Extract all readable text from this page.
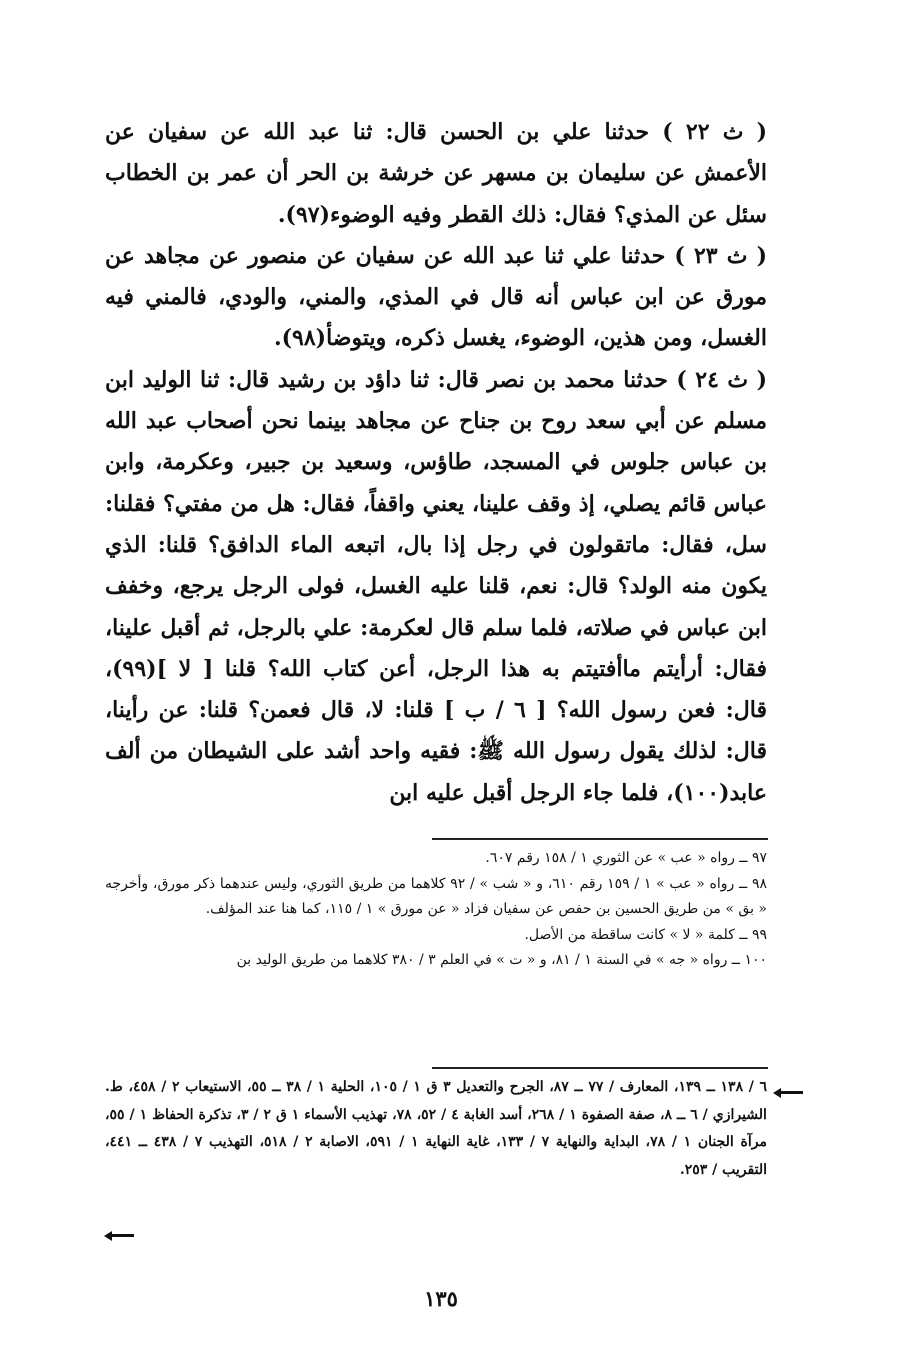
( ث ٢٢ ) حدثنا علي بن الحسن قال: ثنا عبد الله عن سفيان عن الأعمش عن سليمان بن مسهر عن خرشة بن الحر أن عمر بن الخطاب سئل عن المذي؟ فقال: ذلك القطر وفيه الوضوء(٩٧).

( ث ٢٣ ) حدثنا علي ثنا عبد الله عن سفيان عن منصور عن مجاهد عن مورق عن ابن عباس أنه قال في المذي، والمني، والودي، فالمني فيه الغسل، ومن هذين، الوضوء، يغسل ذكره، ويتوضأ(٩٨).

( ث ٢٤ ) حدثنا محمد بن نصر قال: ثنا داؤد بن رشيد قال: ثنا الوليد ابن مسلم عن أبي سعد روح بن جناح عن مجاهد بينما نحن أصحاب عبد الله بن عباس جلوس في المسجد، طاؤس، وسعيد بن جبير، وعكرمة، وابن عباس قائم يصلي، إذ وقف علينا، يعني واقفاً، فقال: هل من مفتي؟ فقلنا: سل، فقال: ماتقولون في رجل إذا بال، اتبعه الماء الدافق؟ قلنا: الذي يكون منه الولد؟ قال: نعم، قلنا عليه الغسل، فولى الرجل يرجع، وخفف ابن عباس في صلاته، فلما سلم قال لعكرمة: علي بالرجل، ثم أقبل علينا، فقال: أرأيتم ماأفتيتم به هذا الرجل، أعن كتاب الله؟ قلنا [ لا ](٩٩)، قال: فعن رسول الله؟ [ ٦ / ب ] قلنا: لا، قال فعمن؟ قلنا: عن رأينا، قال: لذلك يقول رسول الله ﷺ: فقيه واحد أشد على الشيطان من ألف عابد(١٠٠)، فلما جاء الرجل أقبل عليه ابن

٩٧ ــ رواه « عب » عن الثوري ١ / ١٥٨ رقم ٦٠٧.

٩٨ ــ رواه « عب » ١ / ١٥٩ رقم ٦١٠، و « شب » / ٩٢ كلاهما من طريق الثوري، وليس عندهما ذكر مورق، وأخرجه « بق » من طريق الحسين بن حفص عن سفيان فزاد « عن مورق » ١ / ١١٥، كما هنا عند المؤلف.

٩٩ ــ كلمة « لا » كانت ساقطة من الأصل.

١٠٠ ــ رواه « جه » في السنة ١ / ٨١، و « ت » في العلم ٣ / ٣٨٠ كلاهما من طريق الوليد بن

٦ / ١٣٨ ــ ١٣٩، المعارف / ٧٧ ــ ٨٧، الجرح والتعديل ٣ ق ١ / ١٠٥، الحلية ١ / ٣٨ ــ ٥٥، الاستيعاب ٢ / ٤٥٨، ط. الشيرازي / ٦ ــ ٨، صفة الصفوة ١ / ٢٦٨، أسد الغابة ٤ / ٥٢، ٧٨، تهذيب الأسماء ١ ق ٢ / ٣، تذكرة الحفاظ ١ / ٥٥، مرآة الجنان ١ / ٧٨، البداية والنهاية ٧ / ١٣٣، غاية النهاية ١ / ٥٩١، الاصابة ٢ / ٥١٨، التهذيب ٧ / ٤٣٨ ــ ٤٤١، التقريب / ٢٥٣.

١٣٥
